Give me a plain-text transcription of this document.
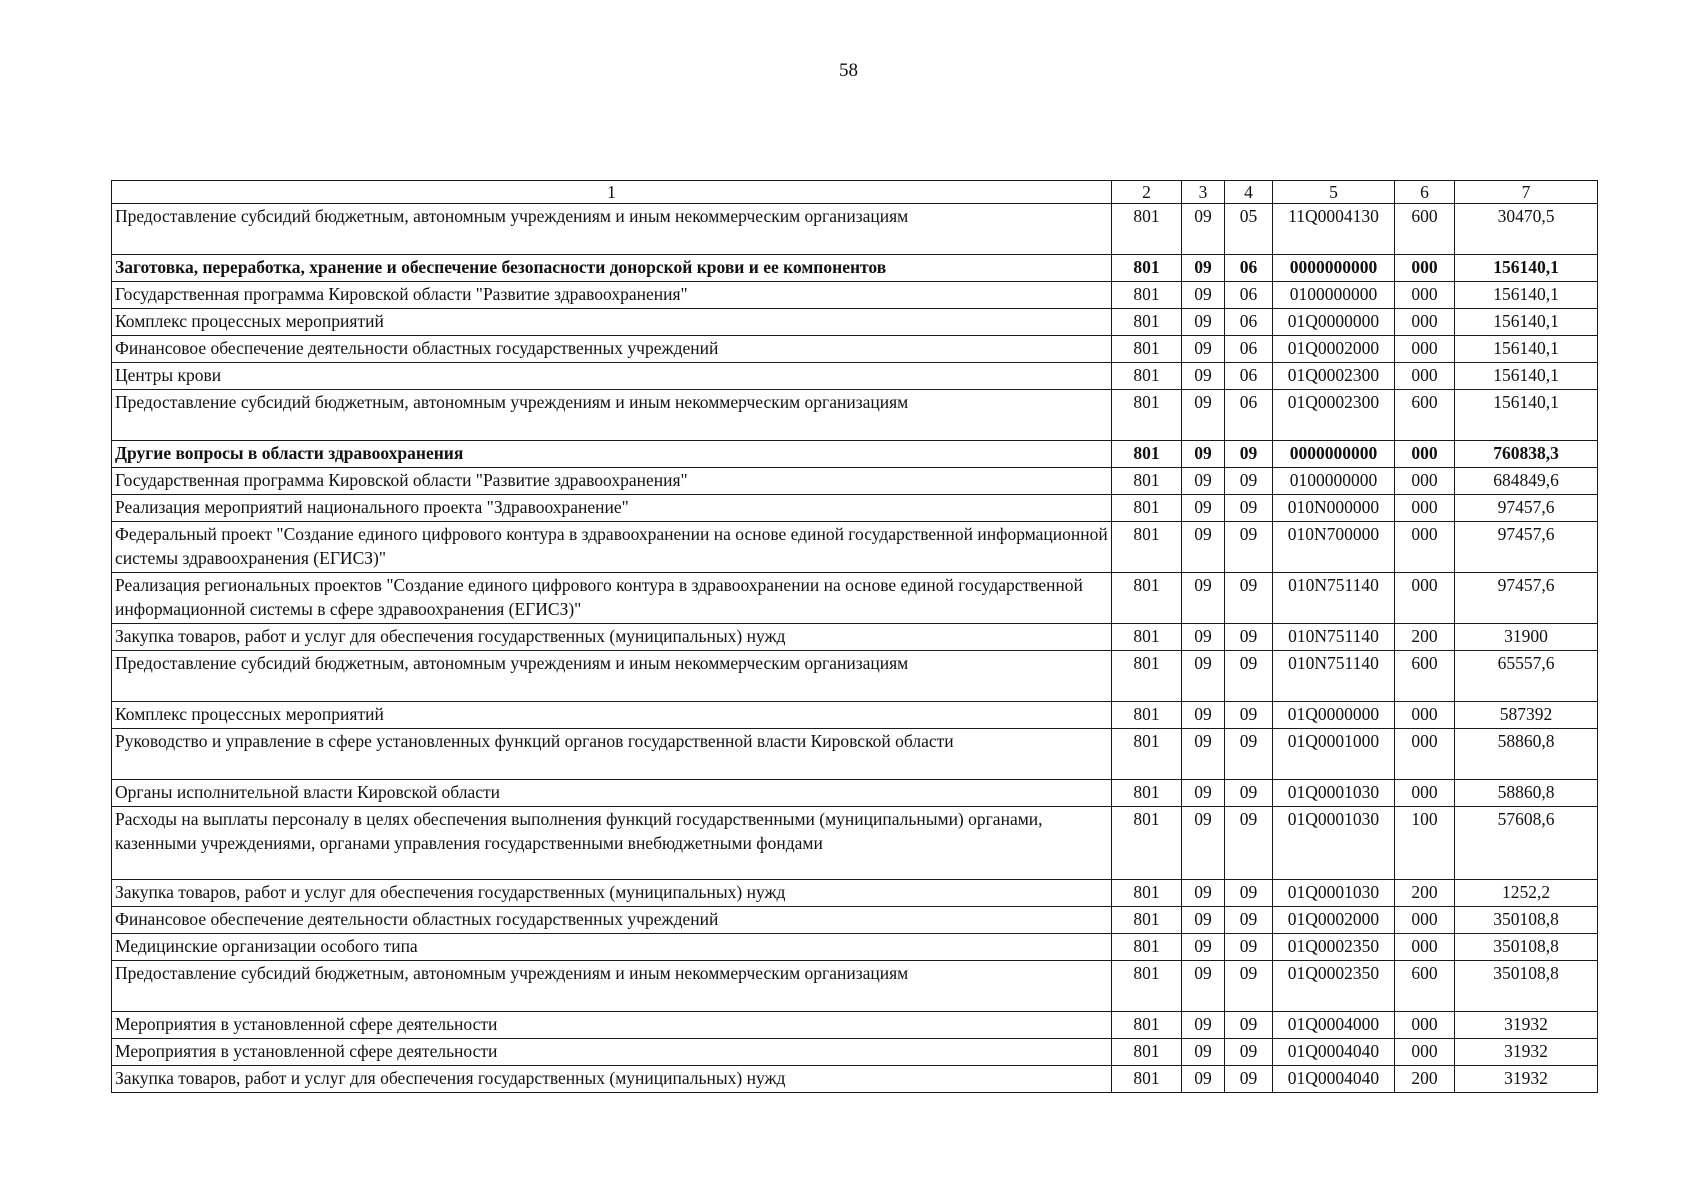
58
1	2	3	4	5	6	7
Предоставление субсидий бюджетным, автономным учреждениям и иным некоммерческим организациям	801	09	05	11Q0004130	600	30470,5
Заготовка, переработка, хранение и обеспечение безопасности донорской крови и ее компонентов	801	09	06	0000000000	000	156140,1
Государственная программа Кировской области "Развитие здравоохранения"	801	09	06	0100000000	000	156140,1
Комплекс процессных мероприятий	801	09	06	01Q0000000	000	156140,1
Финансовое обеспечение деятельности областных государственных учреждений	801	09	06	01Q0002000	000	156140,1
Центры крови	801	09	06	01Q0002300	000	156140,1
Предоставление субсидий бюджетным, автономным учреждениям и иным некоммерческим организациям	801	09	06	01Q0002300	600	156140,1
Другие вопросы в области здравоохранения	801	09	09	0000000000	000	760838,3
Государственная программа Кировской области "Развитие здравоохранения"	801	09	09	0100000000	000	684849,6
Реализация мероприятий национального проекта "Здравоохранение"	801	09	09	010N000000	000	97457,6
Федеральный проект "Создание единого цифрового контура в здравоохранении на основе единой государственной информационной системы здравоохранения (ЕГИСЗ)"	801	09	09	010N700000	000	97457,6
Реализация региональных проектов "Создание единого цифрового контура в здравоохранении на основе единой государственной информационной системы в сфере здравоохранения (ЕГИСЗ)"	801	09	09	010N751140	000	97457,6
Закупка товаров, работ и услуг для обеспечения государственных (муниципальных) нужд	801	09	09	010N751140	200	31900
Предоставление субсидий бюджетным, автономным учреждениям и иным некоммерческим организациям	801	09	09	010N751140	600	65557,6
Комплекс процессных мероприятий	801	09	09	01Q0000000	000	587392
Руководство и управление в сфере установленных функций органов государственной власти Кировской области	801	09	09	01Q0001000	000	58860,8
Органы исполнительной власти Кировской области	801	09	09	01Q0001030	000	58860,8
Расходы на выплаты персоналу в целях обеспечения выполнения функций государственными (муниципальными) органами, казенными учреждениями, органами управления государственными внебюджетными фондами	801	09	09	01Q0001030	100	57608,6
Закупка товаров, работ и услуг для обеспечения государственных (муниципальных) нужд	801	09	09	01Q0001030	200	1252,2
Финансовое обеспечение деятельности областных государственных учреждений	801	09	09	01Q0002000	000	350108,8
Медицинские организации особого типа	801	09	09	01Q0002350	000	350108,8
Предоставление субсидий бюджетным, автономным учреждениям и иным некоммерческим организациям	801	09	09	01Q0002350	600	350108,8
Мероприятия в установленной сфере деятельности	801	09	09	01Q0004000	000	31932
Мероприятия в установленной сфере деятельности	801	09	09	01Q0004040	000	31932
Закупка товаров, работ и услуг для обеспечения государственных (муниципальных) нужд	801	09	09	01Q0004040	200	31932
